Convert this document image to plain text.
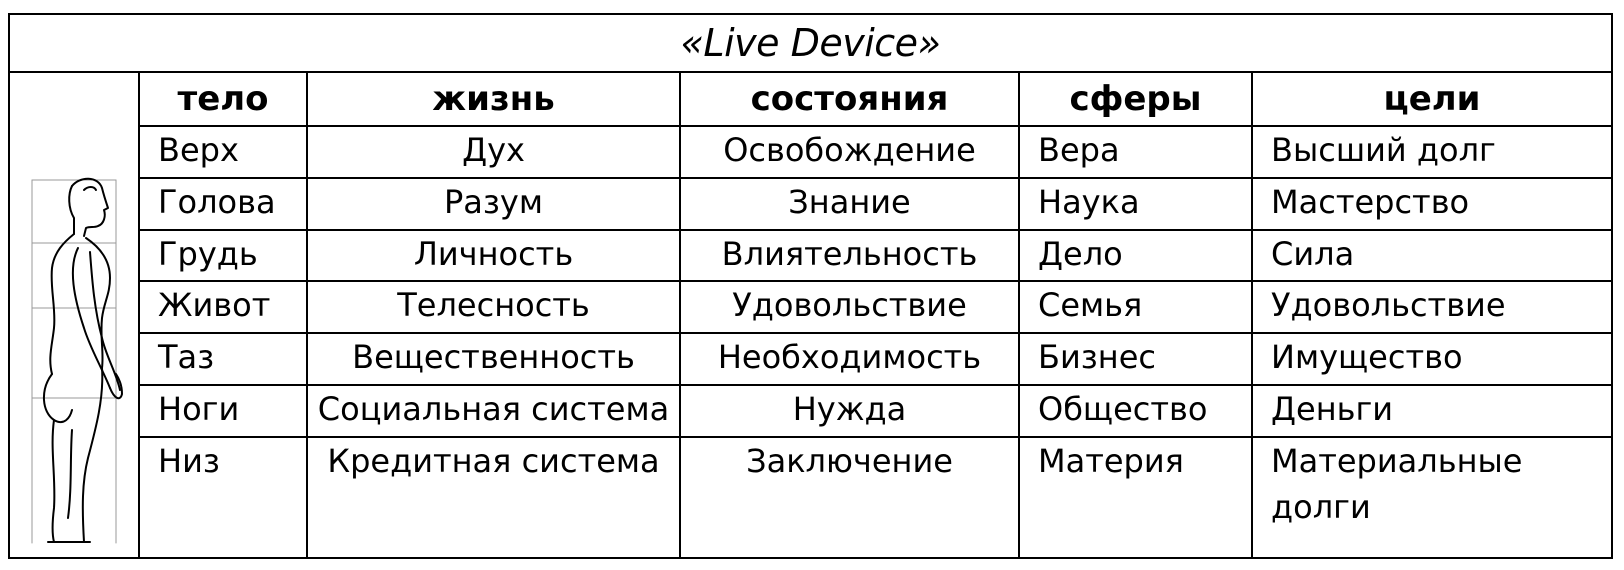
«Live Device»
тело	жизнь	состояния	сферы	цели
Верх	Дух	Освобождение	Вера	Высший долг
Голова	Разум	Знание	Наука	Мастерство
Грудь	Личность	Влиятельность	Дело	Сила
Живот	Телесность	Удовольствие	Семья	Удовольствие
Таз	Вещественность	Необходимость	Бизнес	Имущество
Ноги	Социальная система	Нужда	Общество	Деньги
Низ	Кредитная система	Заключение	Материя	Материальные долги
